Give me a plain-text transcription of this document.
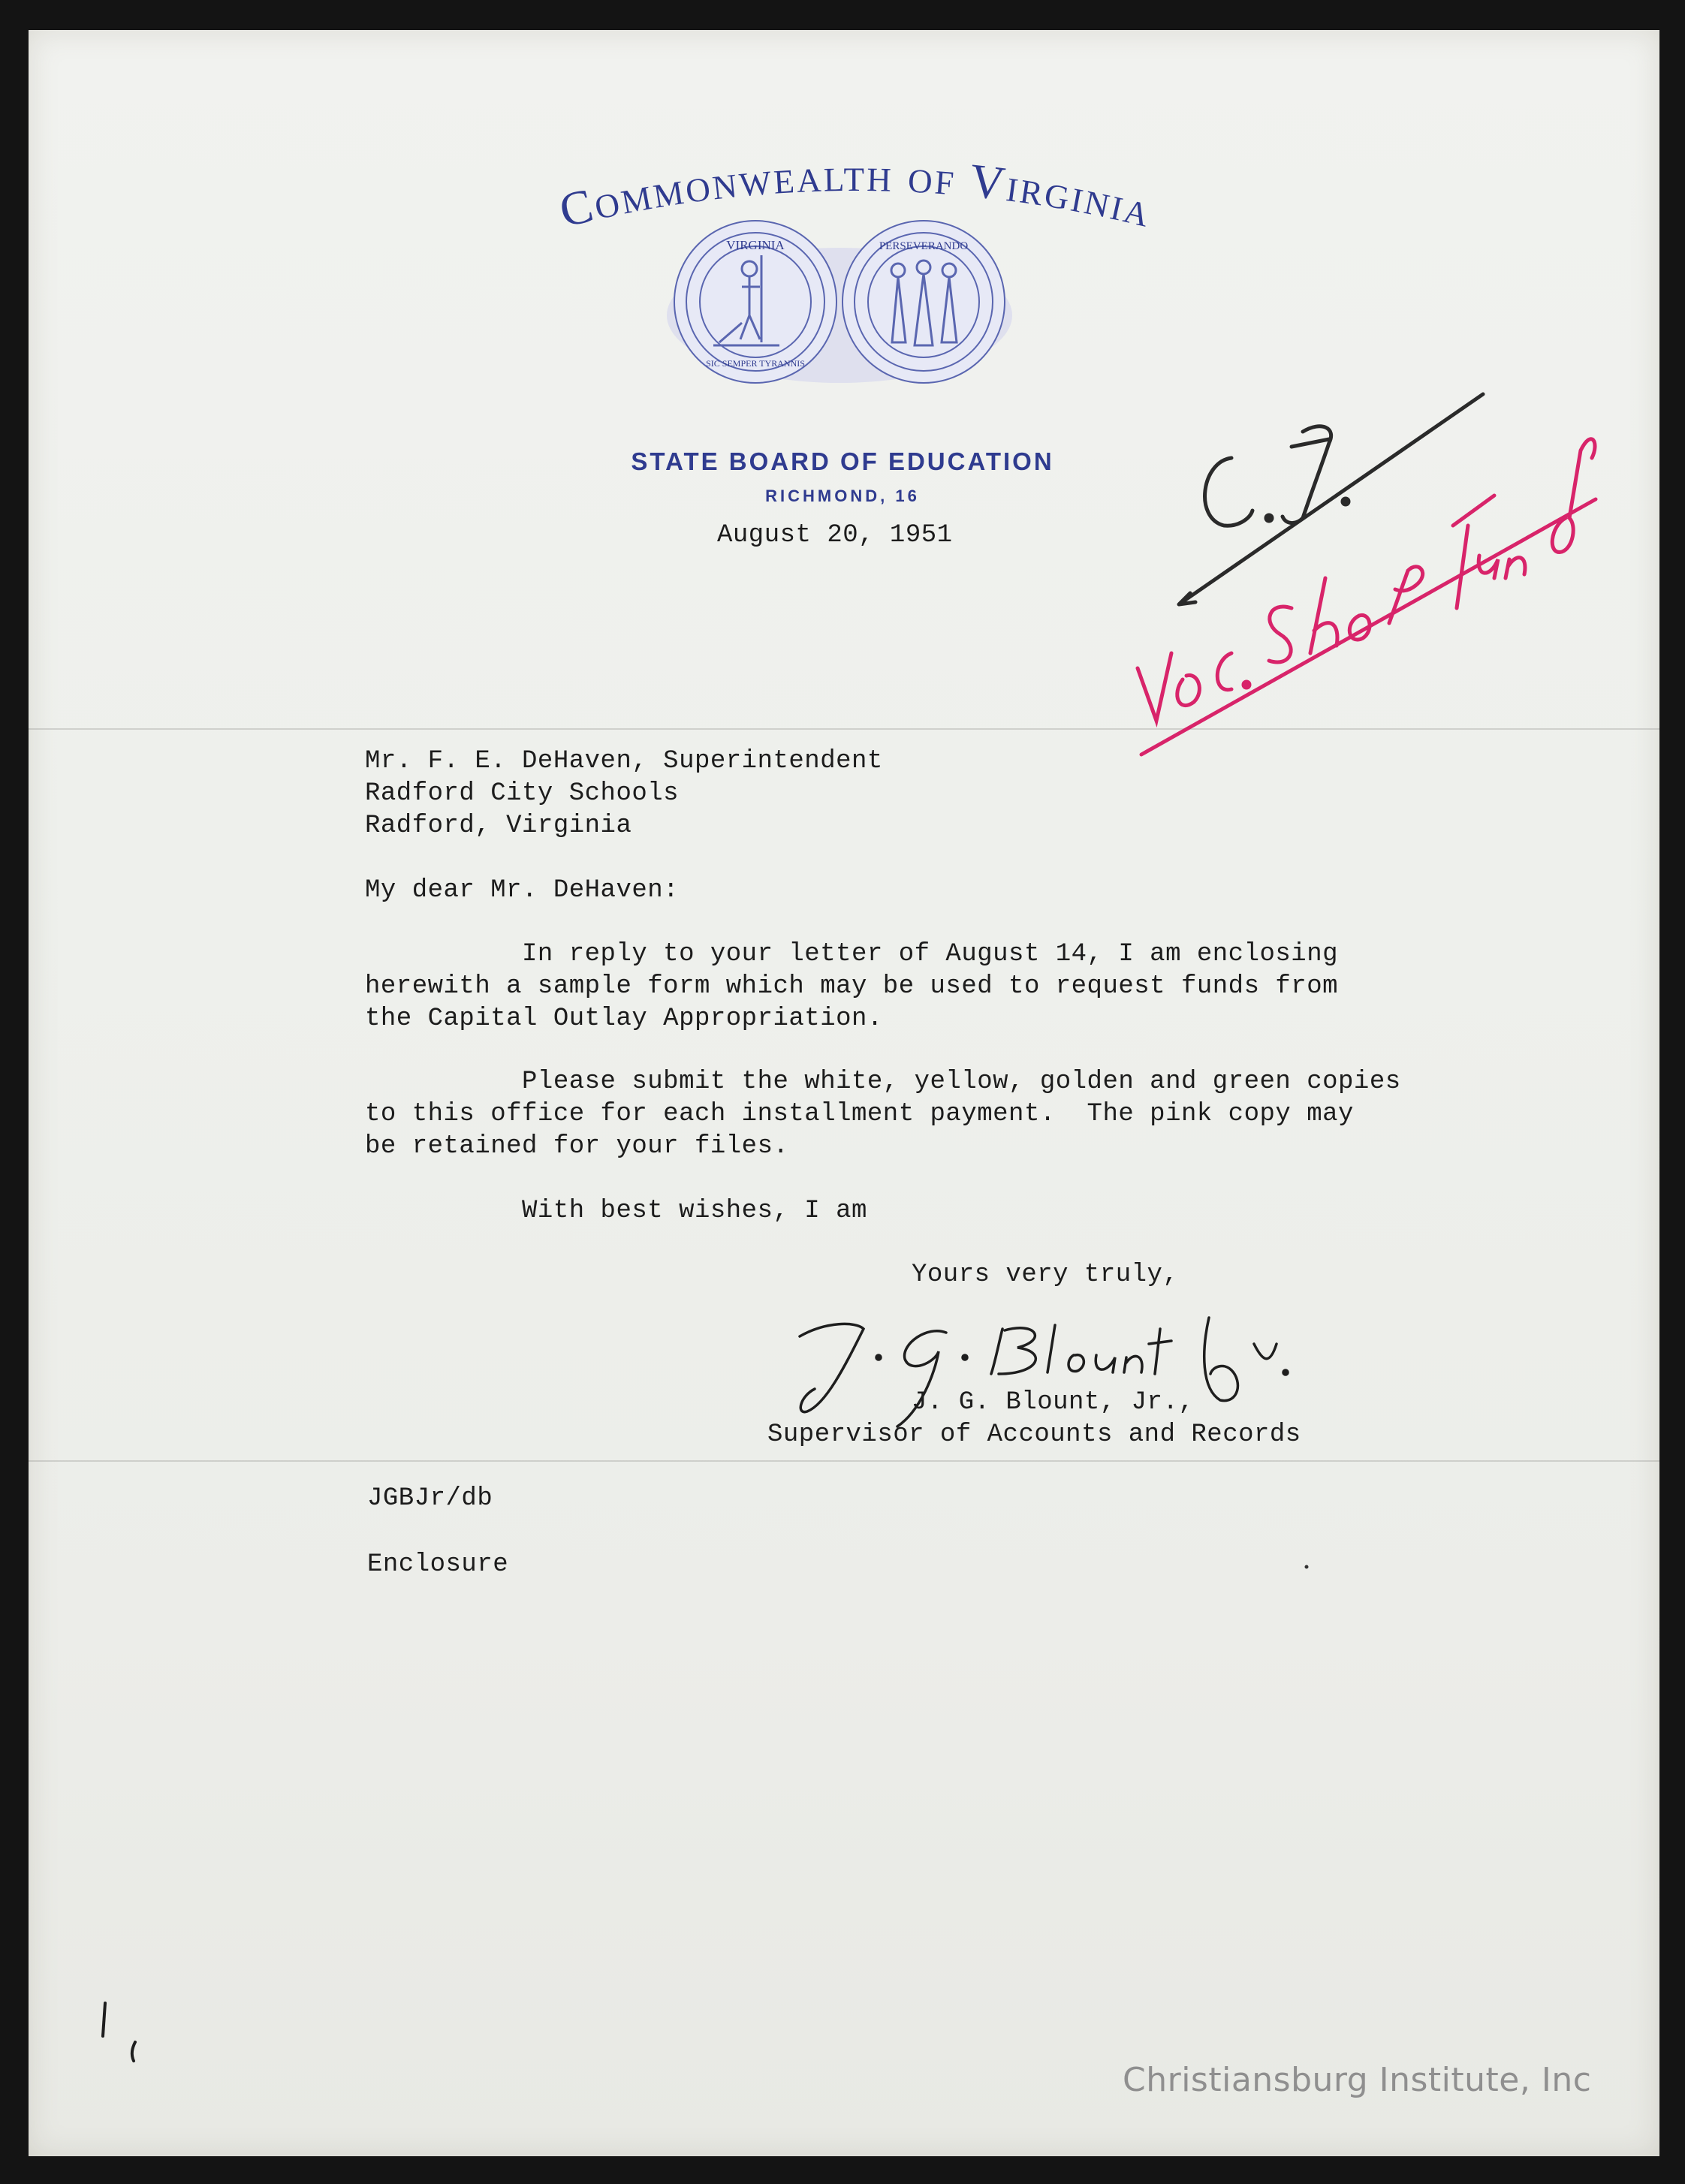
Commonwealth of Virginia
VIRGINIA
SIC SEMPER TYRANNIS
PERSEVERANDO
STATE BOARD OF EDUCATION
RICHMOND, 16
August 20, 1951
Mr. F. E. DeHaven, Superintendent
Radford City Schools
Radford, Virginia
My dear Mr. DeHaven:
In reply to your letter of August 14, I am enclosing
herewith a sample form which may be used to request funds from
the Capital Outlay Appropriation.
Please submit the white, yellow, golden and green copies
to this office for each installment payment.  The pink copy may
be retained for your files.
With best wishes, I am
Yours very truly,
J. G. Blount, Jr.,
Supervisor of Accounts and Records
JGBJr/db
Enclosure
Christiansburg Institute, Inc
